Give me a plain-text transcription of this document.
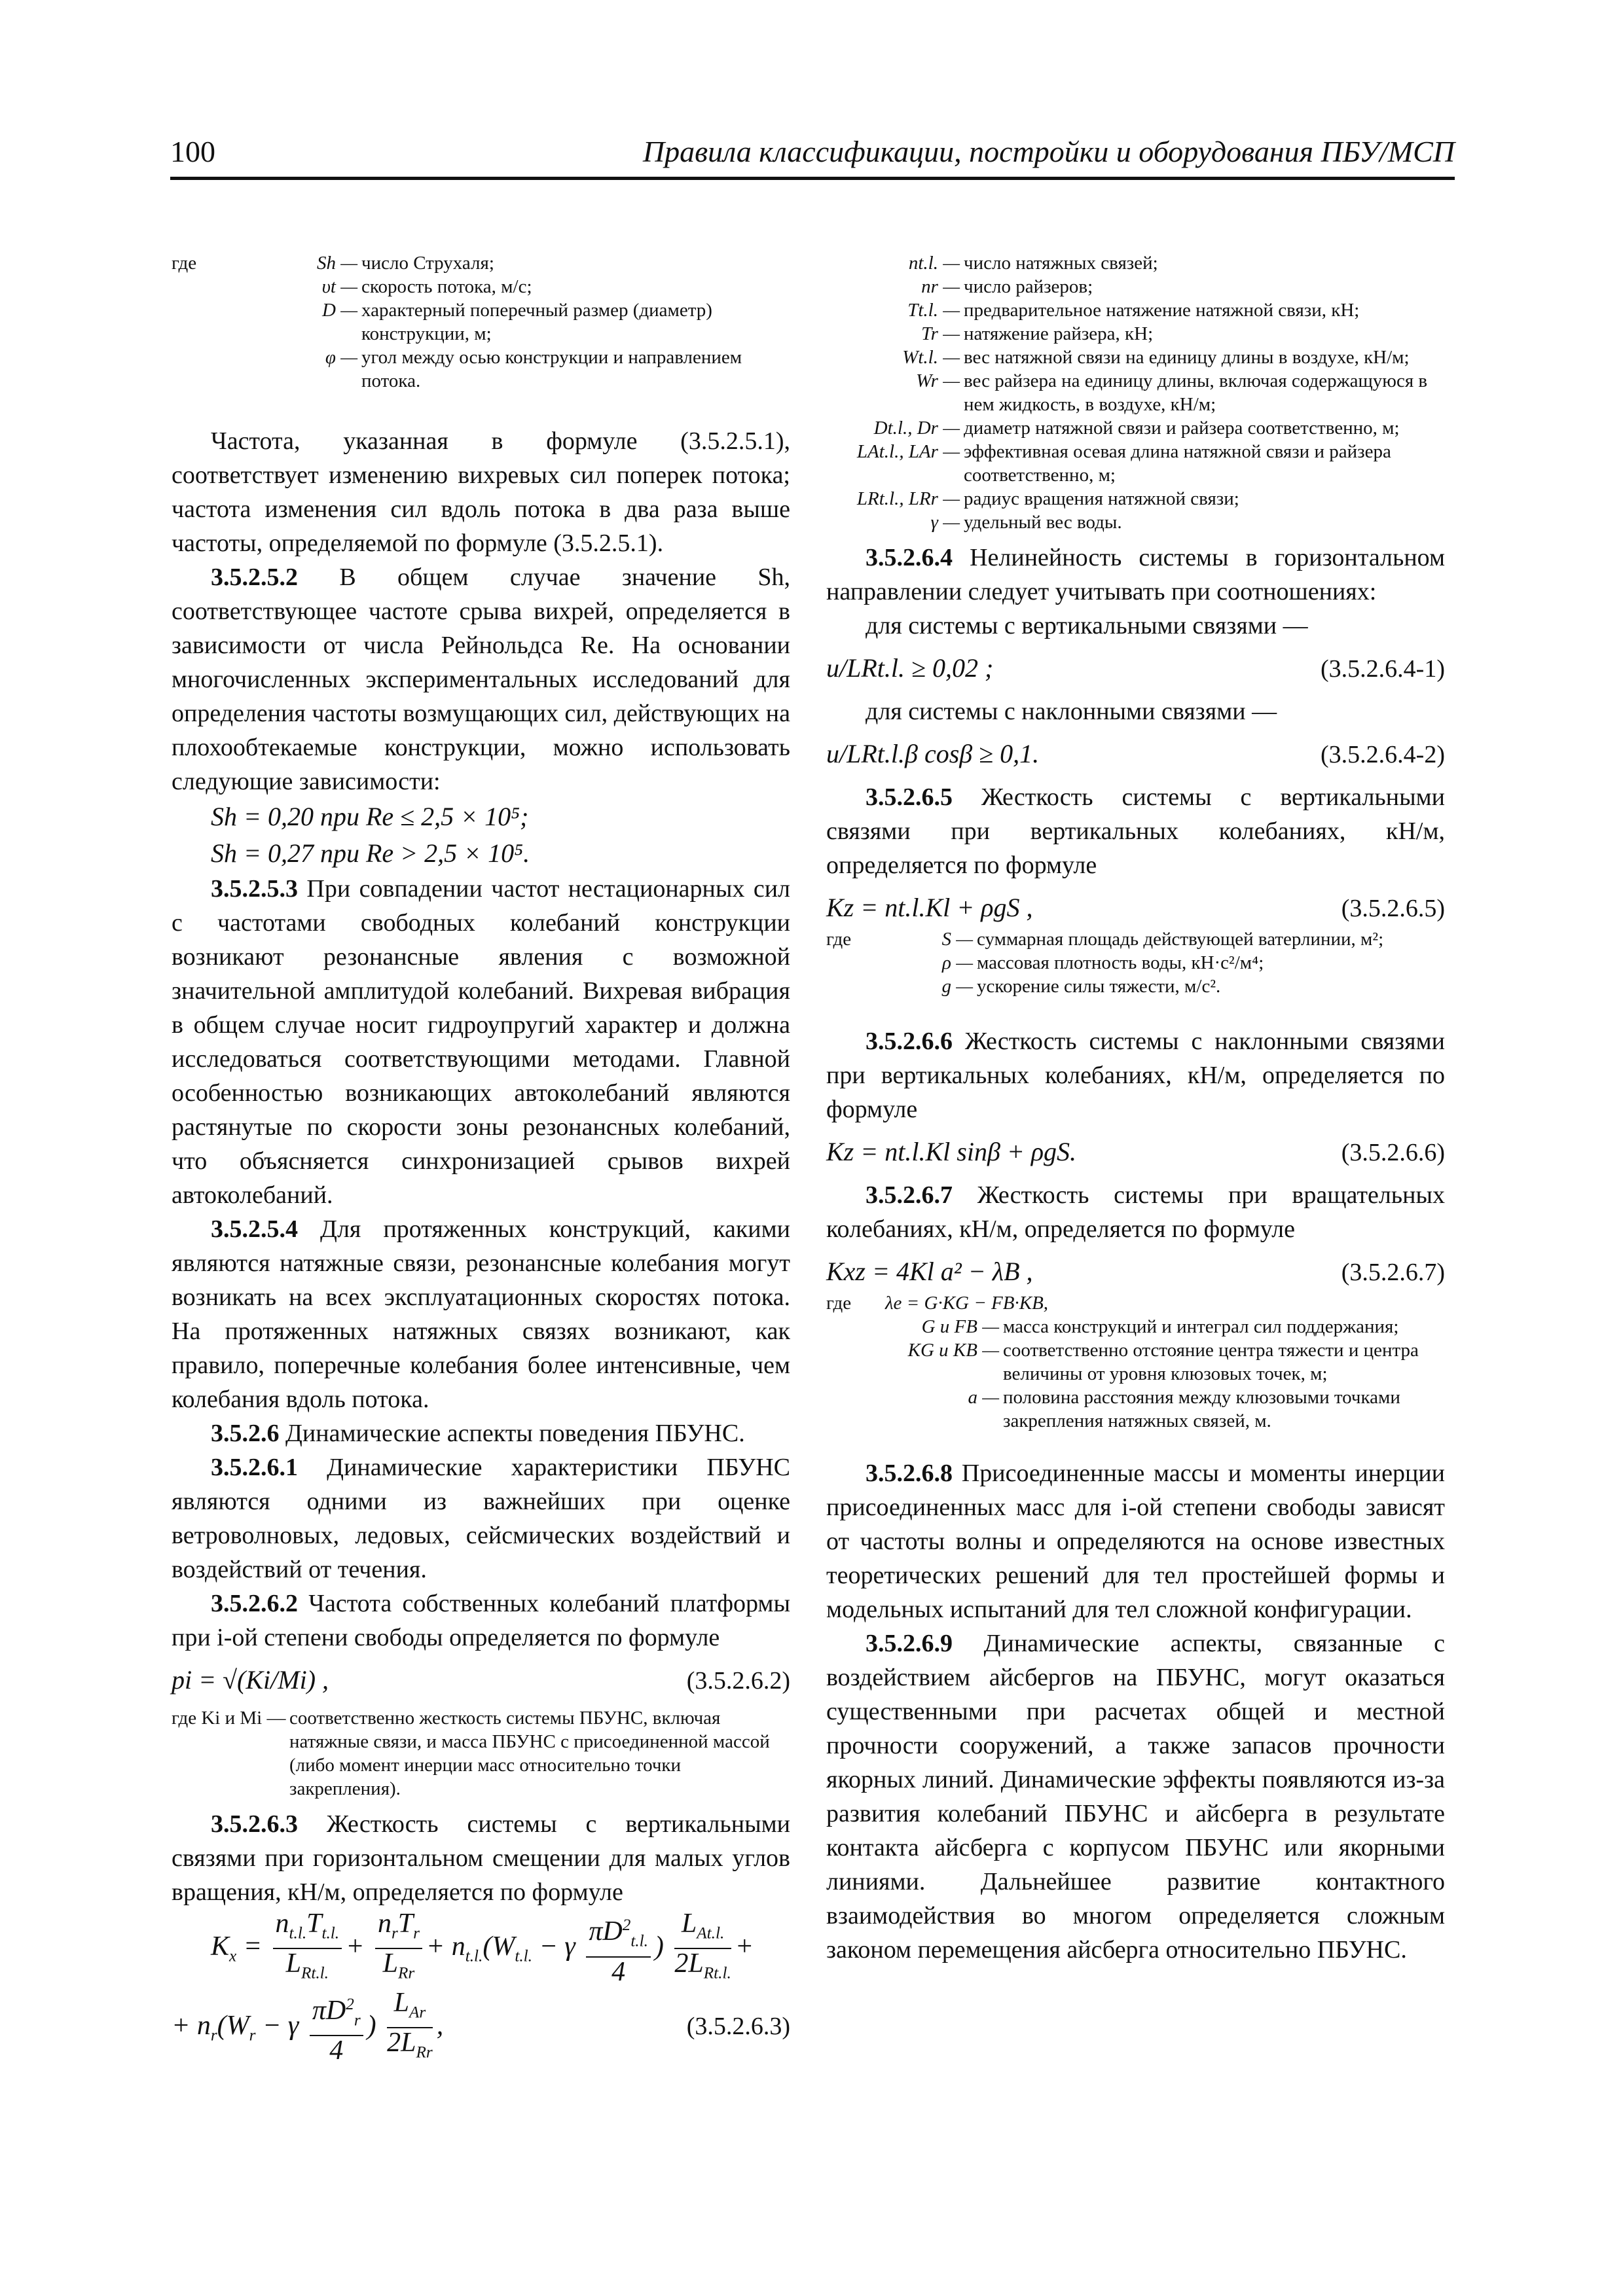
100	Правила классификации, постройки и оборудования ПБУ/МСП
где	Sh — число Струхаля;
υt — скорость потока, м/с;
D — характерный поперечный размер (диаметр) конструкции, м;
φ — угол между осью конструкции и направлением потока.

Частота, указанная в формуле (3.5.2.5.1), соответствует изменению вихревых сил поперек потока; частота изменения сил вдоль потока в два раза выше частоты, определяемой по формуле (3.5.2.5.1).

3.5.2.5.2 В общем случае значение Sh, соответствующее частоте срыва вихрей, определяется в зависимости от числа Рейнольдса Re. На основании многочисленных экспериментальных исследований для определения частоты возмущающих сил, действующих на плохообтекаемые конструкции, можно использовать следующие зависимости:

Sh = 0,20 при Re ≤ 2,5 × 10⁵;
Sh = 0,27 при Re > 2,5 × 10⁵.

3.5.2.5.3 При совпадении частот нестационарных сил с частотами свободных колебаний конструкции возникают резонансные явления с возможной значительной амплитудой колебаний. Вихревая вибрация в общем случае носит гидроупругий характер и должна исследоваться соответствующими методами. Главной особенностью возникающих автоколебаний являются растянутые по скорости зоны резонансных колебаний, что объясняется синхронизацией срывов вихрей автоколебаний.

3.5.2.5.4 Для протяженных конструкций, какими являются натяжные связи, резонансные колебания могут возникать на всех эксплуатационных скоростях потока. На протяженных натяжных связях возникают, как правило, поперечные колебания более интенсивные, чем колебания вдоль потока.

3.5.2.6 Динамические аспекты поведения ПБУНС.

3.5.2.6.1 Динамические характеристики ПБУНС являются одними из важнейших при оценке ветроволновых, ледовых, сейсмических воздействий и воздействий от течения.

3.5.2.6.2 Частота собственных колебаний платформы при i-ой степени свободы определяется по формуле

pi = √(Ki/Mi) ,	(3.5.2.6.2)
где Ki и Mi — соответственно жесткость системы ПБУНС, включая натяжные связи, и масса ПБУНС с присоединенной массой (либо момент инерции масс относительно точки закрепления).

3.5.2.6.3 Жесткость системы с вертикальными связями при горизонтальном смещении для малых углов вращения, кН/м, определяется по формуле

$K_x = \frac{n_{t.l.}T_{t.l.}}{L_{Rt.l.}} + \frac{n_rT_r}{L_{Rr}} + n_{t.l.}(W_{t.l.} - \gamma \frac{\pi D^2_{t.l.}}{4}$ ) $\frac{L_{At.l.}}{2L_{Rt.l.}}$ +
+ $n_r(W_r - \gamma \frac{\pi D^2_r}{4}$ ) $\frac{L_{Ar}}{2L_{Rr}}$ ,	(3.5.2.6.3)
nt.l. — число натяжных связей;
nr — число райзеров;
Tt.l. — предварительное натяжение натяжной связи, кН;
Tr — натяжение райзера, кН;
Wt.l. — вес натяжной связи на единицу длины в воздухе, кН/м;
Wr — вес райзера на единицу длины, включая содержащуюся в нем жидкость, в воздухе, кН/м;
Dt.l., Dr — диаметр натяжной связи и райзера соответственно, м;
LAt.l., LAr — эффективная осевая длина натяжной связи и райзера соответственно, м;
LRt.l., LRr — радиус вращения натяжной связи;
γ — удельный вес воды.

3.5.2.6.4 Нелинейность системы в горизонтальном направлении следует учитывать при соотношениях:

для системы с вертикальными связями —

u/LRt.l. ≥ 0,02 ;	(3.5.2.6.4-1)

для системы с наклонными связями —

u/LRt.l.β cosβ ≥ 0,1.	(3.5.2.6.4-2)

3.5.2.6.5 Жесткость системы с вертикальными связями при вертикальных колебаниях, кН/м, определяется по формуле

Kz = nt.l.Kl + ρgS ,	(3.5.2.6.5)
где	S — суммарная площадь действующей ватерлинии, м²;
ρ — массовая плотность воды, кН·с²/м⁴;
g — ускорение силы тяжести, м/с².

3.5.2.6.6 Жесткость системы с наклонными связями при вертикальных колебаниях, кН/м, определяется по формуле

Kz = nt.l.Kl sinβ + ρgS.	(3.5.2.6.6)

3.5.2.6.7 Жесткость системы при вращательных колебаниях, кН/м, определяется по формуле

Kxz = 4Kl a² − λB ,	(3.5.2.6.7)
где	λe = G·KG − FB·KB,
G и FB — масса конструкций и интеграл сил поддержания;
KG и KB — соответственно отстояние центра тяжести и центра величины от уровня клюзовых точек, м;
a — половина расстояния между клюзовыми точками закрепления натяжных связей, м.

3.5.2.6.8 Присоединенные массы и моменты инерции присоединенных масс для i-ой степени свободы зависят от частоты волны и определяются на основе известных теоретических решений для тел простейшей формы и модельных испытаний для тел сложной конфигурации.

3.5.2.6.9 Динамические аспекты, связанные с воздействием айсбергов на ПБУНС, могут оказаться существенными при расчетах общей и местной прочности сооружений, а также запасов прочности якорных линий. Динамические эффекты появляются из-за развития колебаний ПБУНС и айсберга в результате контакта айсберга с корпусом ПБУНС или якорными линиями. Дальнейшее развитие контактного взаимодействия во многом определяется сложным законом перемещения айсберга относительно ПБУНС.
